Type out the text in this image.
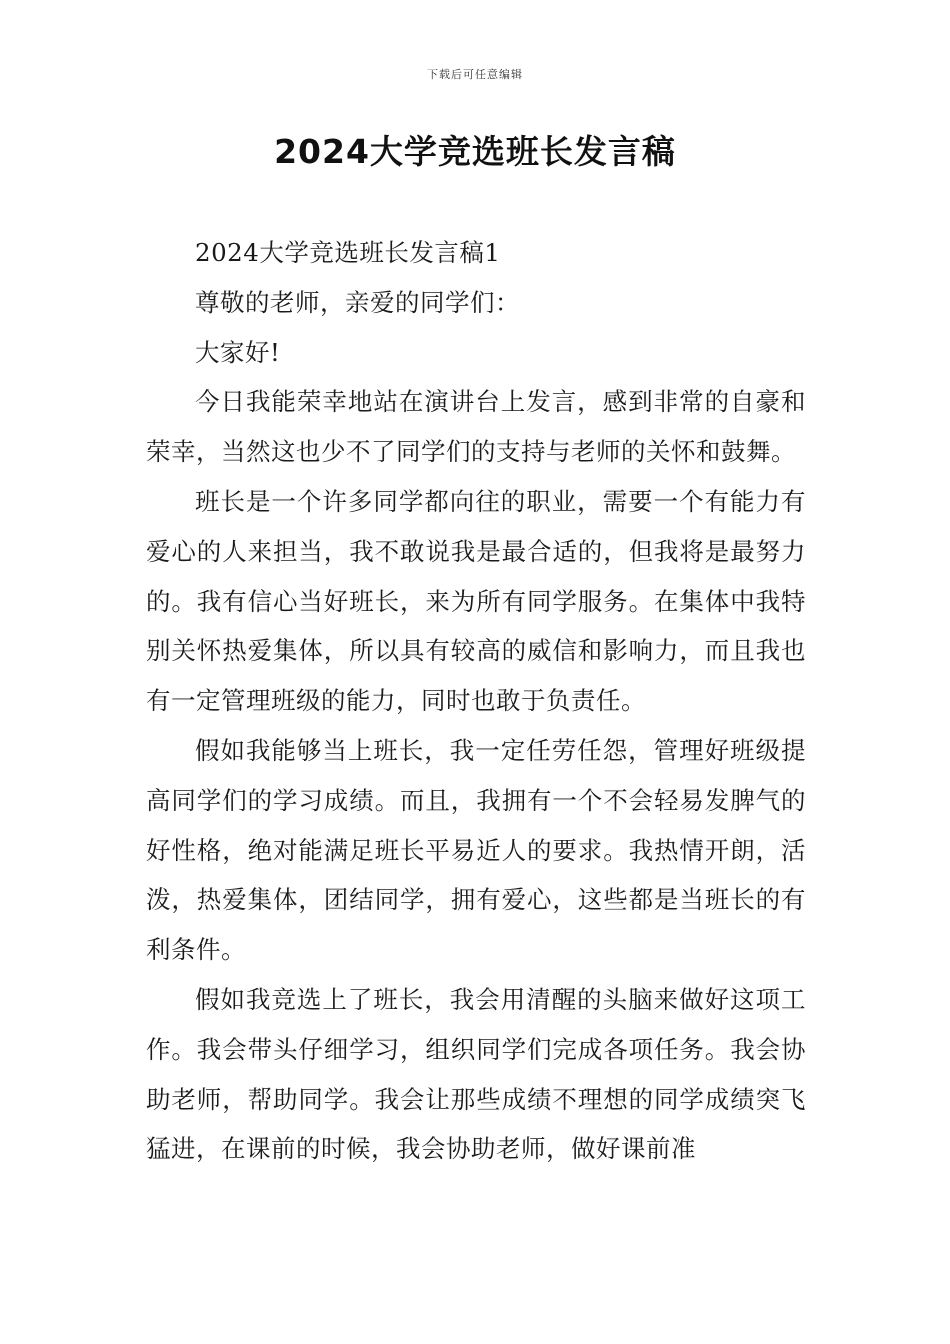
下载后可任意编辑
2024大学竞选班长发言稿

2024大学竞选班长发言稿1

尊敬的老师，亲爱的同学们：

大家好!

今日我能荣幸地站在演讲台上发言，感到非常的自豪和荣幸，当然这也少不了同学们的支持与老师的关怀和鼓舞。

班长是一个许多同学都向往的职业，需要一个有能力有爱心的人来担当，我不敢说我是最合适的，但我将是最努力的。我有信心当好班长，来为所有同学服务。在集体中我特别关怀热爱集体，所以具有较高的威信和影响力，而且我也有一定管理班级的能力，同时也敢于负责任。

假如我能够当上班长，我一定任劳任怨，管理好班级提高同学们的学习成绩。而且，我拥有一个不会轻易发脾气的好性格，绝对能满足班长平易近人的要求。我热情开朗，活泼，热爱集体，团结同学，拥有爱心，这些都是当班长的有利条件。

假如我竞选上了班长，我会用清醒的头脑来做好这项工作。我会带头仔细学习，组织同学们完成各项任务。我会协助老师，帮助同学。我会让那些成绩不理想的同学成绩突飞猛进，在课前的时候，我会协助老师，做好课前准
